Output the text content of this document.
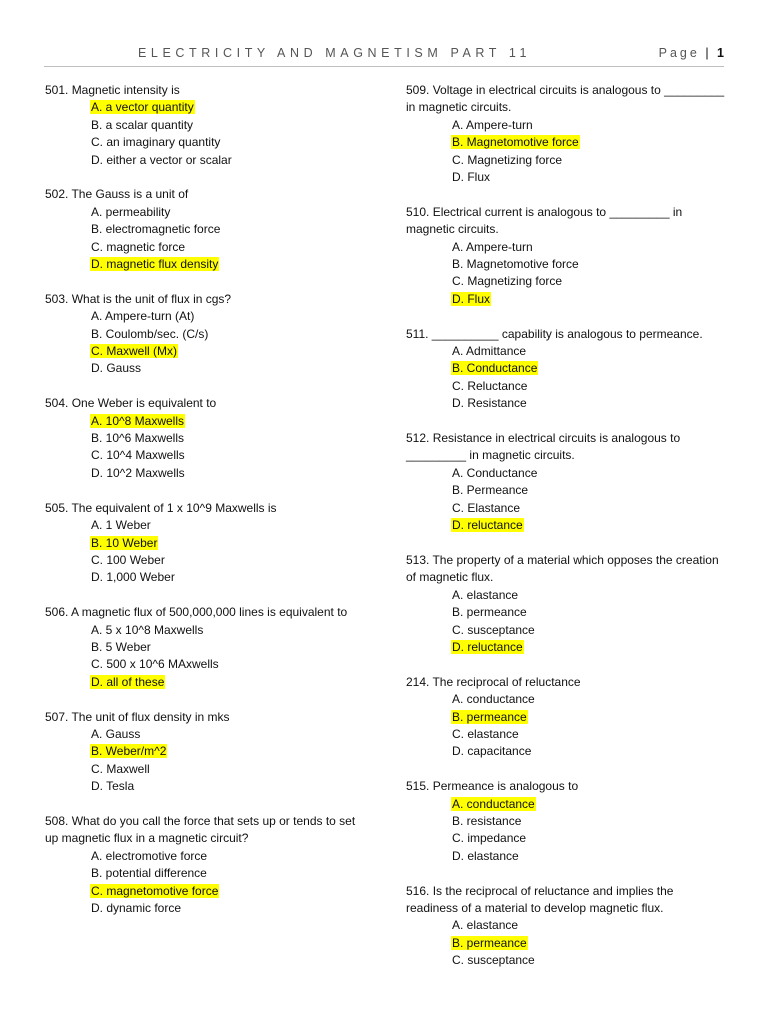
ELECTRICITY AND MAGNETISM PART 11	Page | 1

501. Magnetic intensity is

A. a vector quantity
B. a scalar quantity
C. an imaginary quantity
D. either a vector or scalar

502. The Gauss is a unit of

A. permeability
B. electromagnetic force
C. magnetic force
D. magnetic flux density

503. What is the unit of flux in cgs?

A. Ampere-turn (At)
B. Coulomb/sec. (C/s)
C. Maxwell (Mx)
D. Gauss

504. One Weber is equivalent to

A. 10^8 Maxwells
B. 10^6 Maxwells
C. 10^4 Maxwells
D. 10^2 Maxwells

505. The equivalent of 1 x 10^9 Maxwells is

A. 1 Weber
B. 10 Weber
C. 100 Weber
D. 1,000 Weber

506. A magnetic flux of 500,000,000 lines is equivalent to

A. 5 x 10^8 Maxwells
B. 5 Weber
C. 500 x 10^6 MAxwells
D. all of these

507. The unit of flux density in mks

A. Gauss
B. Weber/m^2
C. Maxwell
D. Tesla

508. What do you call the force that sets up or tends to set up magnetic flux in a magnetic circuit?

A. electromotive force
B. potential difference
C. magnetomotive force
D. dynamic force

509. Voltage in electrical circuits is analogous to _________ in magnetic circuits.

A. Ampere-turn
B. Magnetomotive force
C. Magnetizing force
D. Flux

510. Electrical current is analogous to _________ in magnetic circuits.

A. Ampere-turn
B. Magnetomotive force
C. Magnetizing force
D. Flux

511. __________ capability is analogous to permeance.

A. Admittance
B. Conductance
C. Reluctance
D. Resistance

512. Resistance in electrical circuits is analogous to _________ in magnetic circuits.

A. Conductance
B. Permeance
C. Elastance
D. reluctance

513. The property of a material which opposes the creation of magnetic flux.

A. elastance
B. permeance
C. susceptance
D. reluctance

214. The reciprocal of reluctance

A. conductance
B. permeance
C. elastance
D. capacitance

515. Permeance is analogous to

A. conductance
B. resistance
C. impedance
D. elastance

516. Is the reciprocal of reluctance and implies the readiness of a material to develop magnetic flux.

A. elastance
B. permeance
C. susceptance
